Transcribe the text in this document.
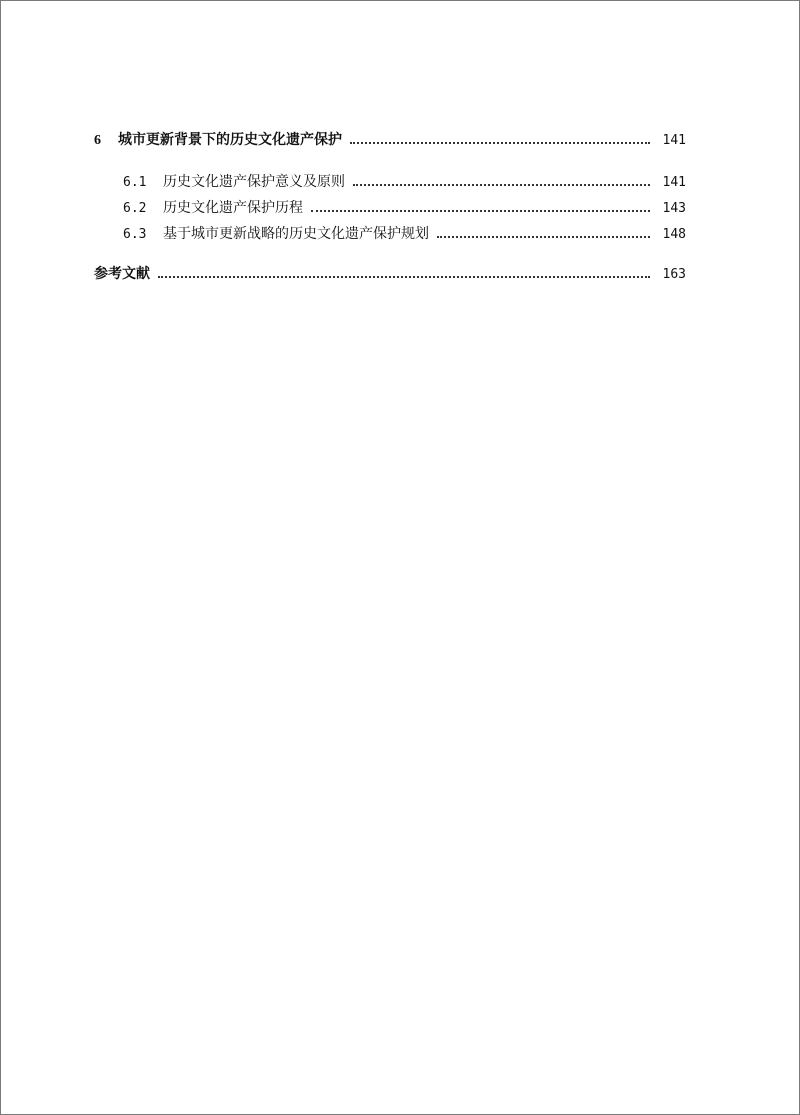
6	城市更新背景下的历史文化遗产保护	141
6.1	历史文化遗产保护意义及原则	141
6.2	历史文化遗产保护历程	143
6.3	基于城市更新战略的历史文化遗产保护规划	148
参考文献	163
